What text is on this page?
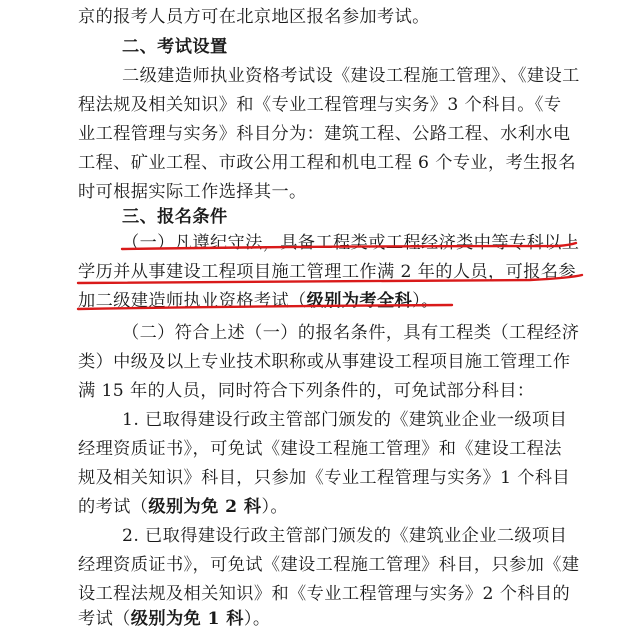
京的报考人员方可在北京地区报名参加考试。
二、考试设置
二级建造师执业资格考试设《建设工程施工管理》、《建设工
程法规及相关知识》和《专业工程管理与实务》3 个科目。《专
业工程管理与实务》科目分为：建筑工程、公路工程、水利水电
工程、矿业工程、市政公用工程和机电工程 6 个专业，考生报名
时可根据实际工作选择其一。
三、报名条件
（一）凡遵纪守法，具备工程类或工程经济类中等专科以上
学历并从事建设工程项目施工管理工作满 2 年的人员，可报名参
加二级建造师执业资格考试（级别为考全科）。
（二）符合上述（一）的报名条件，具有工程类（工程经济
类）中级及以上专业技术职称或从事建设工程项目施工管理工作
满 15 年的人员，同时符合下列条件的，可免试部分科目：
1. 已取得建设行政主管部门颁发的《建筑业企业一级项目
经理资质证书》，可免试《建设工程施工管理》和《建设工程法
规及相关知识》科目，只参加《专业工程管理与实务》1 个科目
的考试（级别为免 2 科）。
2. 已取得建设行政主管部门颁发的《建筑业企业二级项目
经理资质证书》，可免试《建设工程施工管理》科目，只参加《建
设工程法规及相关知识》和《专业工程管理与实务》2 个科目的
考试（级别为免 1 科）。
